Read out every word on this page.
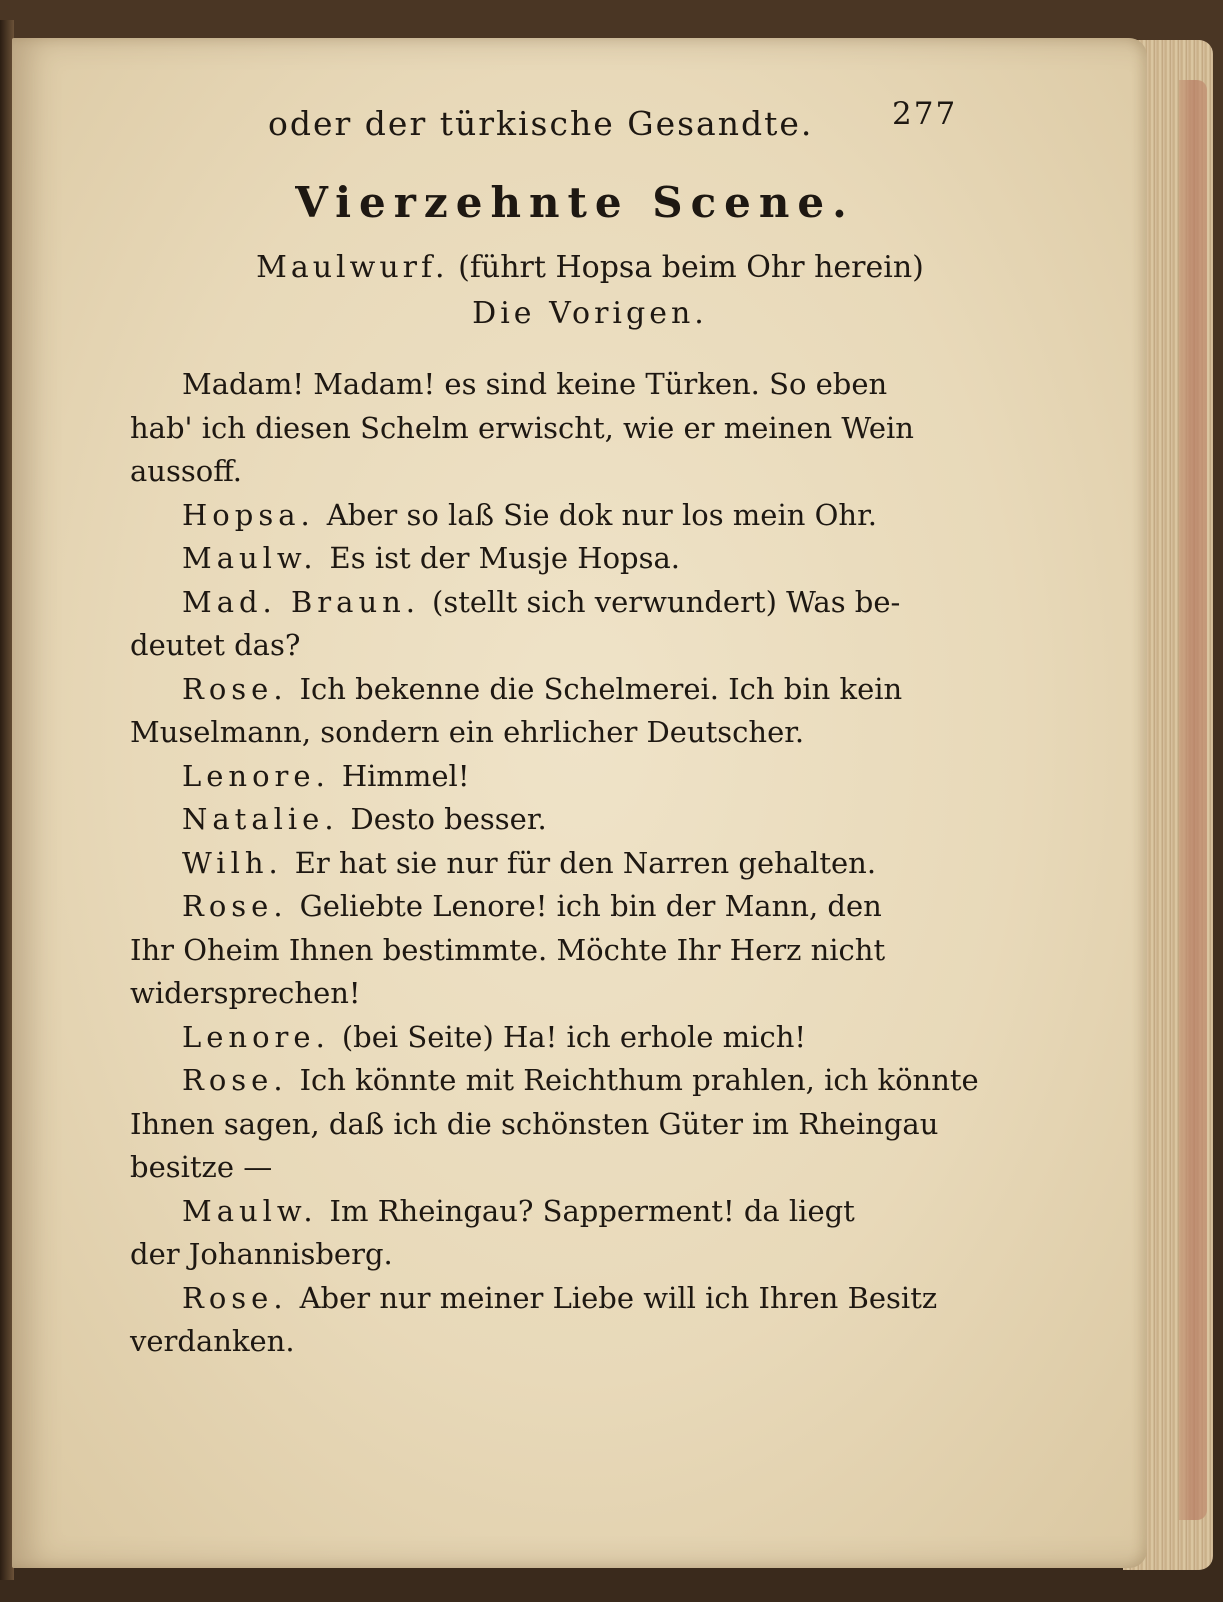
oder der türkische Gesandte.	277
Vierzehnte Scene.
Maulwurf. (führt Hopsa beim Ohr herein)
Die Vorigen.

Madam! Madam! es sind keine Türken. So eben

hab' ich diesen Schelm erwischt, wie er meinen Wein
aussoff.

Hopsa. Aber so laß Sie dok nur los mein Ohr.

Maulw. Es ist der Musje Hopsa.

Mad. Braun. (stellt sich verwundert) Was be-

deutet das?

Rose. Ich bekenne die Schelmerei. Ich bin kein

Muselmann, sondern ein ehrlicher Deutscher.

Lenore. Himmel!

Natalie. Desto besser.

Wilh. Er hat sie nur für den Narren gehalten.

Rose. Geliebte Lenore! ich bin der Mann, den

Ihr Oheim Ihnen bestimmte. Möchte Ihr Herz nicht
widersprechen!

Lenore. (bei Seite) Ha! ich erhole mich!

Rose. Ich könnte mit Reichthum prahlen, ich könnte

Ihnen sagen, daß ich die schönsten Güter im Rheingau
besitze —

Maulw. Im Rheingau? Sapperment! da liegt

der Johannisberg.

Rose. Aber nur meiner Liebe will ich Ihren Besitz

verdanken.
